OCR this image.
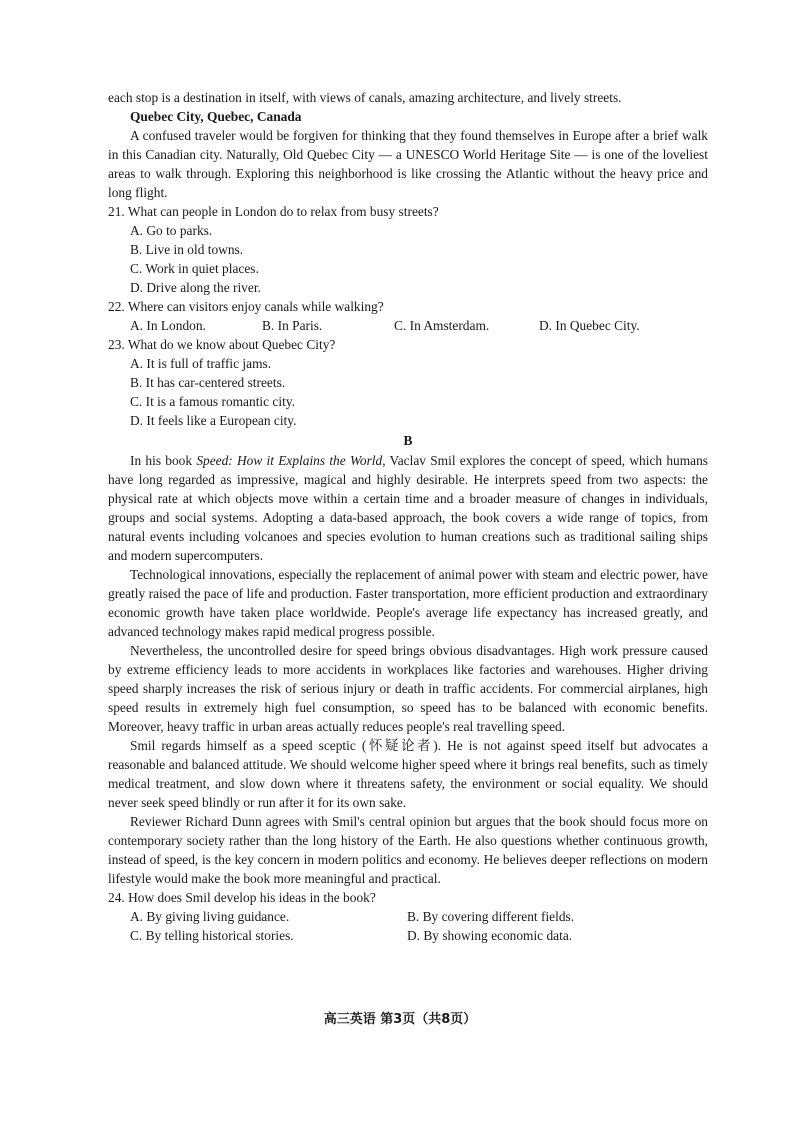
each stop is a destination in itself, with views of canals, amazing architecture, and lively streets.

Quebec City, Quebec, Canada

A confused traveler would be forgiven for thinking that they found themselves in Europe after a brief walk in this Canadian city. Naturally, Old Quebec City — a UNESCO World Heritage Site — is one of the loveliest areas to walk through. Exploring this neighborhood is like crossing the Atlantic without the heavy price and long flight.

21. What can people in London do to relax from busy streets?
A. Go to parks.
B. Live in old towns.
C. Work in quiet places.
D. Drive along the river.
22. Where can visitors enjoy canals while walking?
A. In London.	B. In Paris.	C. In Amsterdam.	D. In Quebec City.
23. What do we know about Quebec City?
A. It is full of traffic jams.
B. It has car-centered streets.
C. It is a famous romantic city.
D. It feels like a European city.
B

In his book Speed: How it Explains the World, Vaclav Smil explores the concept of speed, which humans have long regarded as impressive, magical and highly desirable. He interprets speed from two aspects: the physical rate at which objects move within a certain time and a broader measure of changes in individuals, groups and social systems. Adopting a data-based approach, the book covers a wide range of topics, from natural events including volcanoes and species evolution to human creations such as traditional sailing ships and modern supercomputers.

Technological innovations, especially the replacement of animal power with steam and electric power, have greatly raised the pace of life and production. Faster transportation, more efficient production and extraordinary economic growth have taken place worldwide. People's average life expectancy has increased greatly, and advanced technology makes rapid medical progress possible.

Nevertheless, the uncontrolled desire for speed brings obvious disadvantages. High work pressure caused by extreme efficiency leads to more accidents in workplaces like factories and warehouses. Higher driving speed sharply increases the risk of serious injury or death in traffic accidents. For commercial airplanes, high speed results in extremely high fuel consumption, so speed has to be balanced with economic benefits. Moreover, heavy traffic in urban areas actually reduces people's real travelling speed.

Smil regards himself as a speed sceptic (怀疑论者). He is not against speed itself but advocates a reasonable and balanced attitude. We should welcome higher speed where it brings real benefits, such as timely medical treatment, and slow down where it threatens safety, the environment or social equality. We should never seek speed blindly or run after it for its own sake.

Reviewer Richard Dunn agrees with Smil's central opinion but argues that the book should focus more on contemporary society rather than the long history of the Earth. He also questions whether continuous growth, instead of speed, is the key concern in modern politics and economy. He believes deeper reflections on modern lifestyle would make the book more meaningful and practical.

24. How does Smil develop his ideas in the book?
A. By giving living guidance.	B. By covering different fields.
C. By telling historical stories.	D. By showing economic data.
高三英语 第3页（共8页）
